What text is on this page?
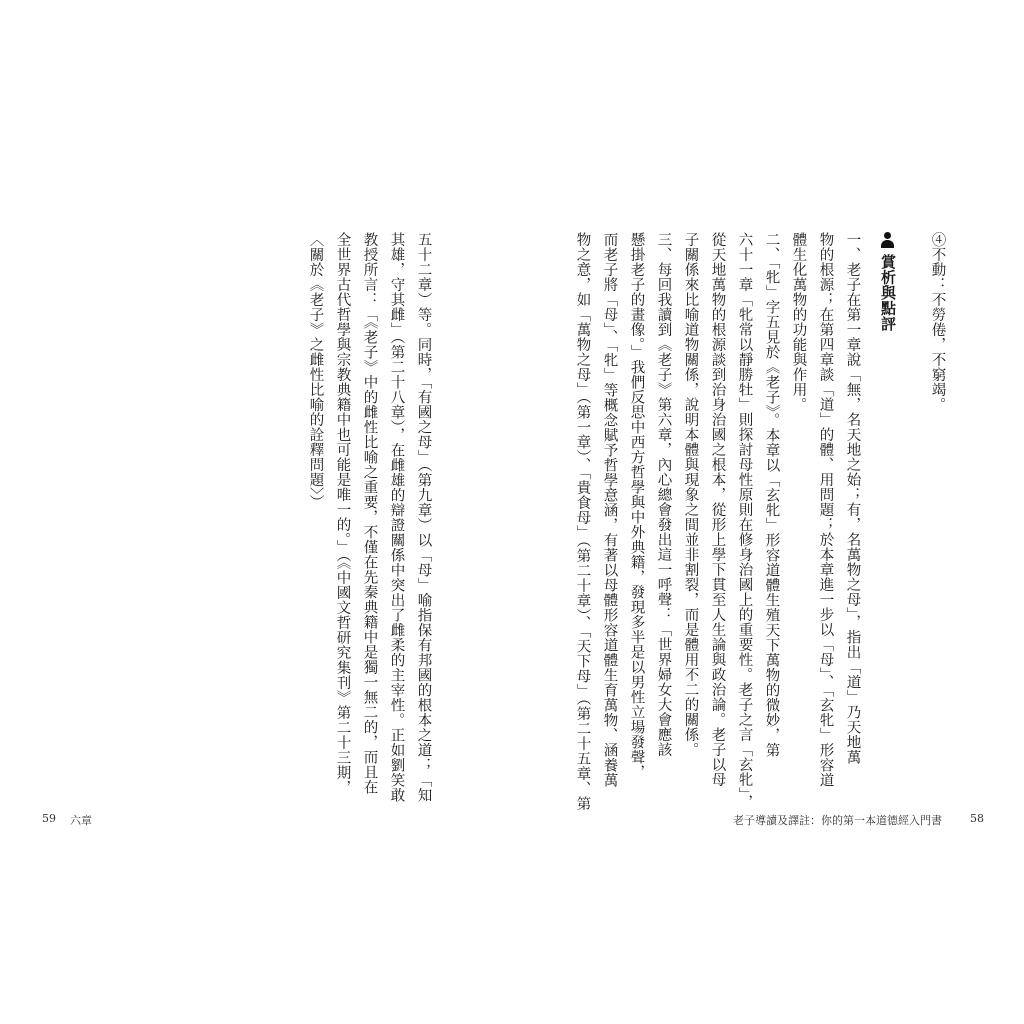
④不動：不勞倦，不窮竭。
賞析與點評
一、老子在第一章說「無，名天地之始；有，名萬物之母」，指出「道」乃天地萬
物的根源；在第四章談「道」的體、用問題；於本章進一步以「母」、「玄牝」形容道
體生化萬物的功能與作用。
二、「牝」字五見於《老子》。本章以「玄牝」形容道體生殖天下萬物的微妙，第
六十一章「牝常以靜勝牡」則探討母性原則在修身治國上的重要性。老子之言「玄牝」，
從天地萬物的根源談到治身治國之根本，從形上學下貫至人生論與政治論。老子以母
子關係來比喻道物關係，說明本體與現象之間並非割裂，而是體用不二的關係。
三、每回我讀到《老子》第六章，內心總會發出這一呼聲：「世界婦女大會應該
懸掛老子的畫像。」我們反思中西方哲學與中外典籍，發現多半是以男性立場發聲，
而老子將「母」、「牝」等概念賦予哲學意涵，有著以母體形容道體生育萬物、涵養萬
物之意，如「萬物之母」（第一章）、「貴食母」（第二十章）、「天下母」（第二十五章、第
老子導讀及譯註：你的第一本道德經入門書	58
五十二章）等。同時，「有國之母」（第九章）以「母」喻指保有邦國的根本之道；「知
其雄，守其雌」（第二十八章），在雌雄的辯證關係中突出了雌柔的主宰性。正如劉笑敢
教授所言：「《老子》中的雌性比喻之重要，不僅在先秦典籍中是獨一無二的，而且在
全世界古代哲學與宗教典籍中也可能是唯一的。」（《中國文哲研究集刊》第二十三期，
〈關於《老子》之雌性比喻的詮釋問題〉）
59 六章
